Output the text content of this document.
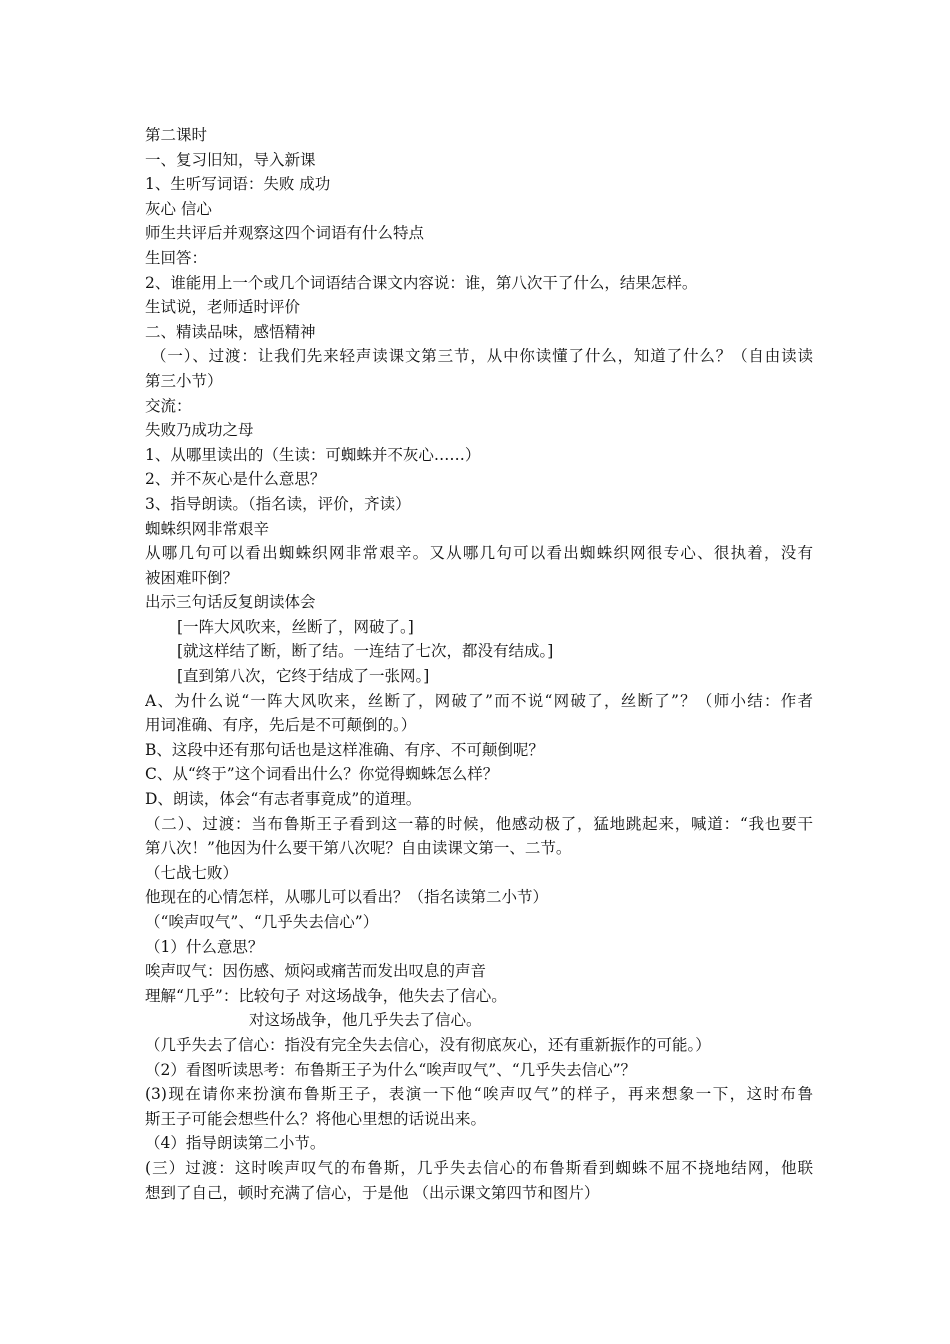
第二课时
一、复习旧知，导入新课
1、生听写词语：失败 成功
灰心 信心
师生共评后并观察这四个词语有什么特点
生回答：
2、谁能用上一个或几个词语结合课文内容说：谁，第八次干了什么，结果怎样。
生试说，老师适时评价
二、精读品味，感悟精神
（一）、过渡：让我们先来轻声读课文第三节，从中你读懂了什么，知道了什么？（自由读读
第三小节）
交流：
失败乃成功之母
1、从哪里读出的（生读：可蜘蛛并不灰心……）
2、并不灰心是什么意思？
3、指导朗读。（指名读，评价，齐读）
蜘蛛织网非常艰辛
从哪几句可以看出蜘蛛织网非常艰辛。又从哪几句可以看出蜘蛛织网很专心、很执着，没有
被困难吓倒？
出示三句话反复朗读体会
[一阵大风吹来，丝断了，网破了。]
[就这样结了断，断了结。一连结了七次，都没有结成。]
[直到第八次，它终于结成了一张网。]
A、为什么说“一阵大风吹来，丝断了，网破了”而不说“网破了，丝断了”？（师小结：作者
用词准确、有序，先后是不可颠倒的。）
B、这段中还有那句话也是这样准确、有序、不可颠倒呢？
C、从“终于”这个词看出什么？你觉得蜘蛛怎么样？
D、朗读，体会“有志者事竟成”的道理。
（二）、过渡：当布鲁斯王子看到这一幕的时候，他感动极了，猛地跳起来，喊道：“我也要干
第八次！”他因为什么要干第八次呢？自由读课文第一、二节。
（七战七败）
他现在的心情怎样，从哪儿可以看出？（指名读第二小节）
（“唉声叹气”、“几乎失去信心”）
（1）什么意思？
唉声叹气：因伤感、烦闷或痛苦而发出叹息的声音
理解“几乎”：比较句子 对这场战争，他失去了信心。
对这场战争，他几乎失去了信心。
（几乎失去了信心：指没有完全失去信心，没有彻底灰心，还有重新振作的可能。）
（2）看图听读思考：布鲁斯王子为什么“唉声叹气”、“几乎失去信心”？
(3)现在请你来扮演布鲁斯王子，表演一下他“唉声叹气”的样子，再来想象一下，这时布鲁
斯王子可能会想些什么？将他心里想的话说出来。
（4）指导朗读第二小节。
(三）过渡：这时唉声叹气的布鲁斯，几乎失去信心的布鲁斯看到蜘蛛不屈不挠地结网，他联
想到了自己，顿时充满了信心，于是他 （出示课文第四节和图片）
